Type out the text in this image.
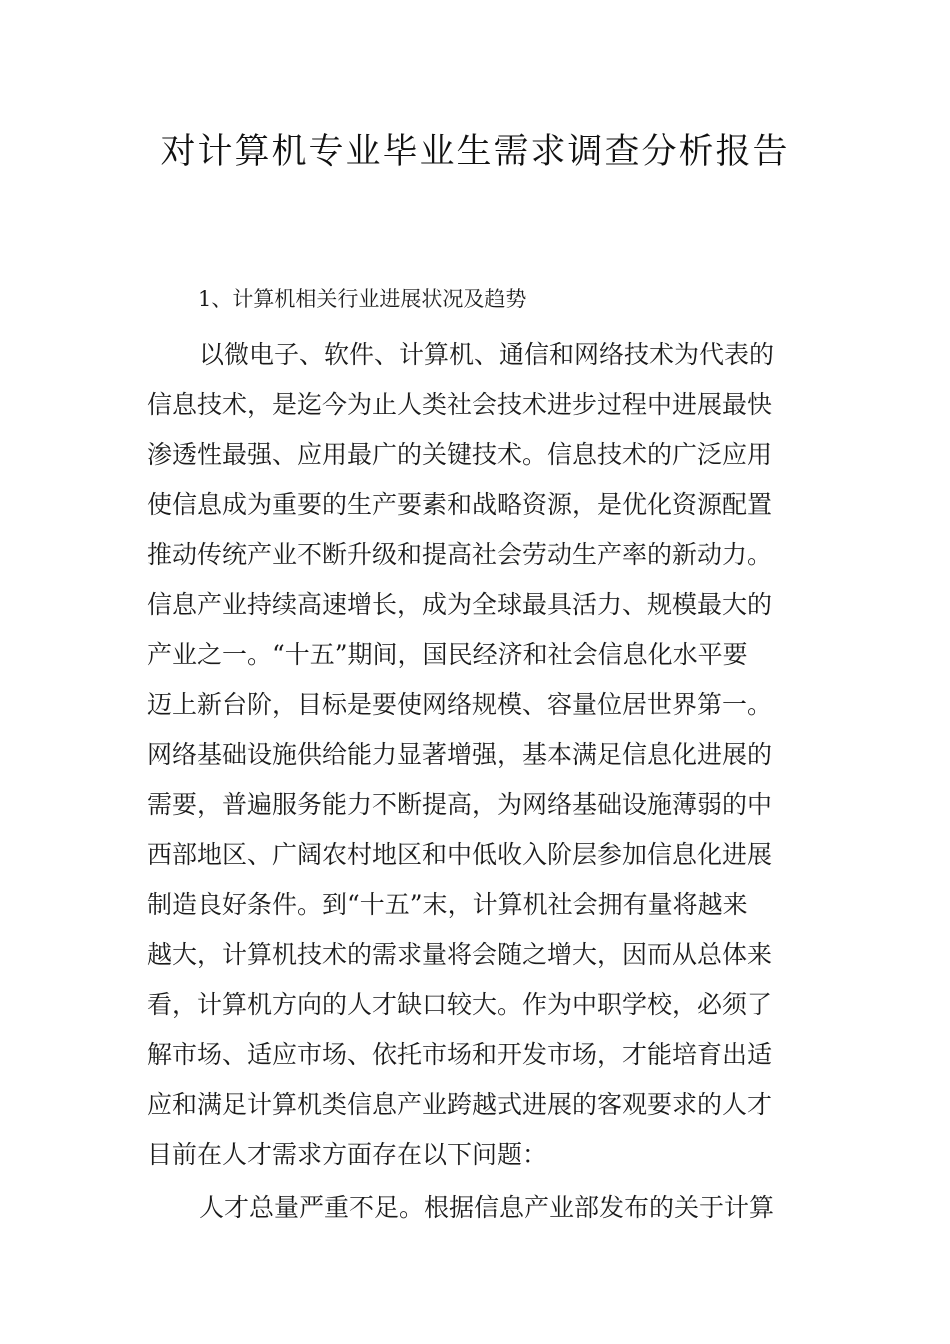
对计算机专业毕业生需求调查分析报告
1、计算机相关行业进展状况及趋势

以微电子、软件、计算机、通信和网络技术为代表的
信息技术，是迄今为止人类社会技术进步过程中进展最快
渗透性最强、应用最广的关键技术。信息技术的广泛应用
使信息成为重要的生产要素和战略资源，是优化资源配置
推动传统产业不断升级和提高社会劳动生产率的新动力。
信息产业持续高速增长，成为全球最具活力、规模最大的
产业之一。“十五”期间，国民经济和社会信息化水平要
迈上新台阶，目标是要使网络规模、容量位居世界第一。
网络基础设施供给能力显著增强，基本满足信息化进展的
需要，普遍服务能力不断提高，为网络基础设施薄弱的中
西部地区、广阔农村地区和中低收入阶层参加信息化进展
制造良好条件。到“十五”末，计算机社会拥有量将越来
越大，计算机技术的需求量将会随之增大，因而从总体来
看，计算机方向的人才缺口较大。作为中职学校，必须了
解市场、适应市场、依托市场和开发市场，才能培育出适
应和满足计算机类信息产业跨越式进展的客观要求的人才
目前在人才需求方面存在以下问题：

人才总量严重不足。根据信息产业部发布的关于计算
